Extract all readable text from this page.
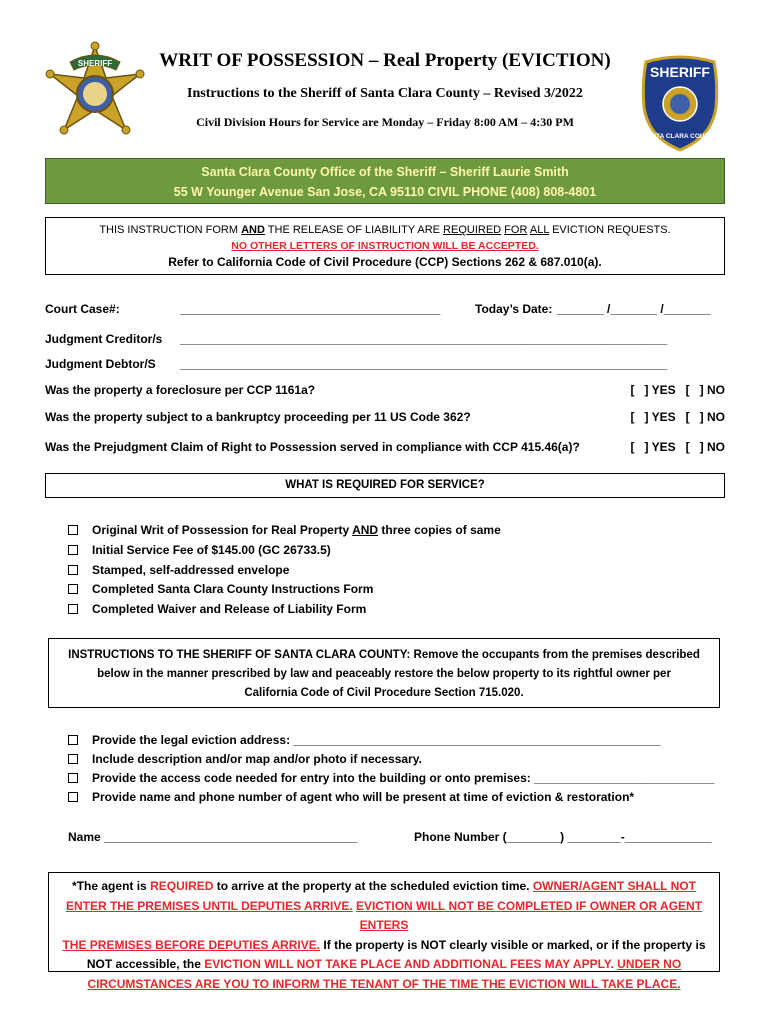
SHERIFF
SHERIFF
SANTA CLARA COUNTY
WRIT OF POSSESSION – Real Property (EVICTION)
Instructions to the Sheriff of Santa Clara County – Revised 3/2022
Civil Division Hours for Service are Monday – Friday 8:00 AM – 4:30 PM
Santa Clara County Office of the Sheriff – Sheriff Laurie Smith
55 W Younger Avenue San Jose, CA 95110 CIVIL PHONE (408) 808-4801
THIS INSTRUCTION FORM AND THE RELEASE OF LIABILITY ARE REQUIRED FOR ALL EVICTION REQUESTS.
NO OTHER LETTERS OF INSTRUCTION WILL BE ACCEPTED.
Refer to California Code of Civil Procedure (CCP) Sections 262 & 687.010(a).
Court Case#:	_______________________________________	Today’s Date: _______ /_______ /_______
Judgment Creditor/s _________________________________________________________________________
Judgment Debtor/S _________________________________________________________________________
Was the property a foreclosure per CCP 1161a?	[   ] YES   [   ] NO
Was the property subject to a bankruptcy proceeding per 11 US Code 362?	[   ] YES   [   ] NO
Was the Prejudgment Claim of Right to Possession served in compliance with CCP 415.46(a)?	[   ] YES   [   ] NO
WHAT IS REQUIRED FOR SERVICE?
Original Writ of Possession for Real Property AND three copies of same
Initial Service Fee of $145.00 (GC 26733.5)
Stamped, self-addressed envelope
Completed Santa Clara County Instructions Form
Completed Waiver and Release of Liability Form
INSTRUCTIONS TO THE SHERIFF OF SANTA CLARA COUNTY: Remove the occupants from the premises described
below in the manner prescribed by law and peaceably restore the below property to its rightful owner per
California Code of Civil Procedure Section 715.020.
Provide the legal eviction address: _______________________________________________________
Include description and/or map and/or photo if necessary.
Provide the access code needed for entry into the building or onto premises: ___________________________
Provide name and phone number of agent who will be present at time of eviction & restoration*
Name ______________________________________	Phone Number (________) ________-_____________
*The agent is REQUIRED to arrive at the property at the scheduled eviction time. OWNER/AGENT SHALL NOT
ENTER THE PREMISES UNTIL DEPUTIES ARRIVE. EVICTION WILL NOT BE COMPLETED IF OWNER OR AGENT ENTERS
THE PREMISES BEFORE DEPUTIES ARRIVE. If the property is NOT clearly visible or marked, or if the property is
NOT accessible, the EVICTION WILL NOT TAKE PLACE AND ADDITIONAL FEES MAY APPLY. UNDER NO
CIRCUMSTANCES ARE YOU TO INFORM THE TENANT OF THE TIME THE EVICTION WILL TAKE PLACE.
